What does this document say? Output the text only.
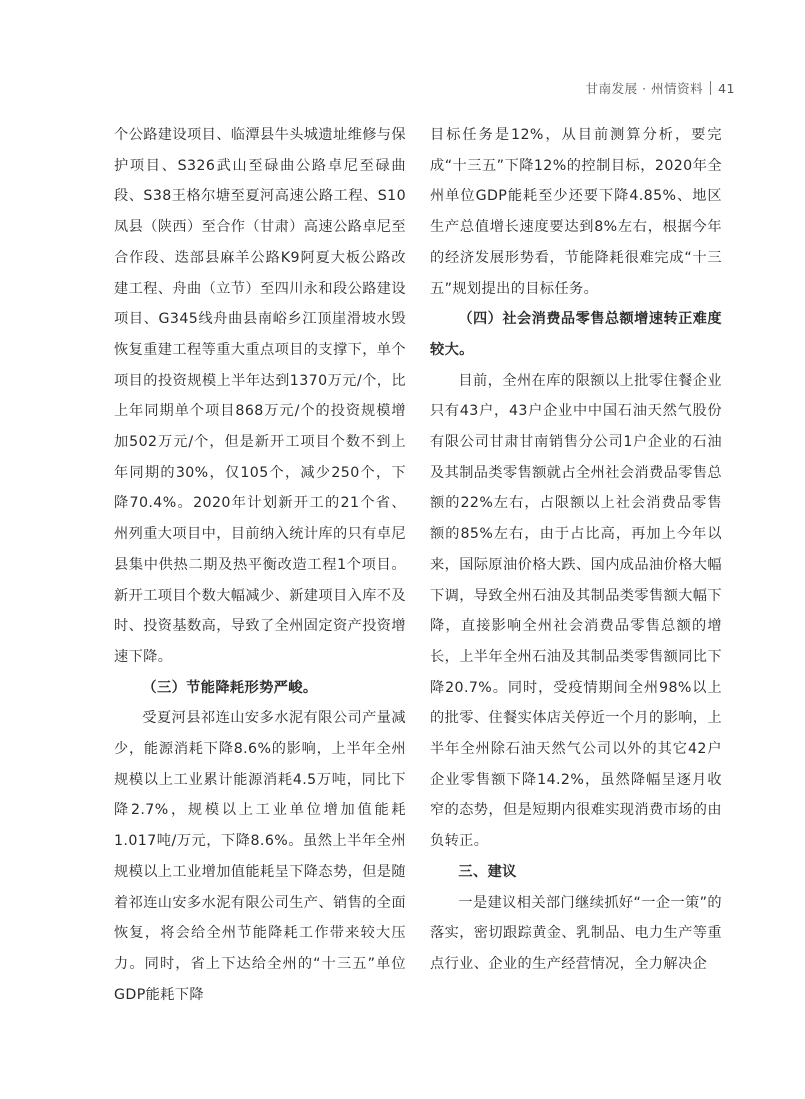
甘南发展 · 州情资料 41

个公路建设项目、临潭县牛头城遗址维修与保护项目、S326武山至碌曲公路卓尼至碌曲段、S38王格尔塘至夏河高速公路工程、S10凤县（陕西）至合作（甘肃）高速公路卓尼至合作段、迭部县麻羊公路K9阿夏大板公路改建工程、舟曲（立节）至四川永和段公路建设项目、G345线舟曲县南峪乡江顶崖滑坡水毁恢复重建工程等重大重点项目的支撑下，单个项目的投资规模上半年达到1370万元/个，比上年同期单个项目868万元/个的投资规模增加502万元/个，但是新开工项目个数不到上年同期的30%，仅105个，减少250个，下降70.4%。2020年计划新开工的21个省、州列重大项目中，目前纳入统计库的只有卓尼县集中供热二期及热平衡改造工程1个项目。新开工项目个数大幅减少、新建项目入库不及时、投资基数高，导致了全州固定资产投资增速下降。

（三）节能降耗形势严峻。

受夏河县祁连山安多水泥有限公司产量减少，能源消耗下降8.6%的影响，上半年全州规模以上工业累计能源消耗4.5万吨，同比下降2.7%，规模以上工业单位增加值能耗1.017吨/万元，下降8.6%。虽然上半年全州规模以上工业增加值能耗呈下降态势，但是随着祁连山安多水泥有限公司生产、销售的全面恢复，将会给全州节能降耗工作带来较大压力。同时，省上下达给全州的“十三五”单位GDP能耗下降

目标任务是12%，从目前测算分析，要完成“十三五”下降12%的控制目标，2020年全州单位GDP能耗至少还要下降4.85%、地区生产总值增长速度要达到8%左右，根据今年的经济发展形势看，节能降耗很难完成“十三五”规划提出的目标任务。

（四）社会消费品零售总额增速转正难度较大。

目前，全州在库的限额以上批零住餐企业只有43户，43户企业中中国石油天然气股份有限公司甘肃甘南销售分公司1户企业的石油及其制品类零售额就占全州社会消费品零售总额的22%左右，占限额以上社会消费品零售额的85%左右，由于占比高，再加上今年以来，国际原油价格大跌、国内成品油价格大幅下调，导致全州石油及其制品类零售额大幅下降，直接影响全州社会消费品零售总额的增长，上半年全州石油及其制品类零售额同比下降20.7%。同时，受疫情期间全州98%以上的批零、住餐实体店关停近一个月的影响，上半年全州除石油天然气公司以外的其它42户企业零售额下降14.2%，虽然降幅呈逐月收窄的态势，但是短期内很难实现消费市场的由负转正。

三、建议

一是建议相关部门继续抓好“一企一策”的落实，密切跟踪黄金、乳制品、电力生产等重点行业、企业的生产经营情况，全力解决企
